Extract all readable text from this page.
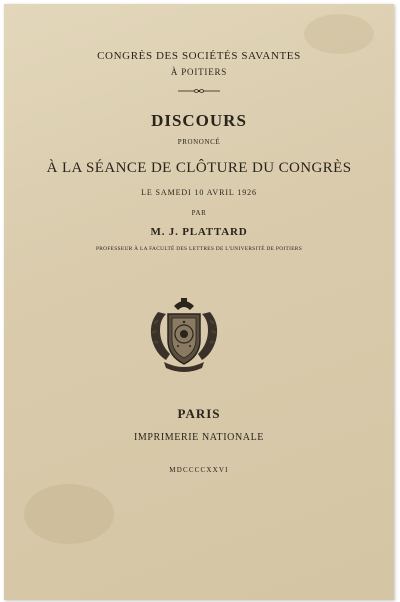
CONGRÈS DES SOCIÉTÉS SAVANTES

À POITIERS

DISCOURS

PRONONCÉ

À LA SÉANCE DE CLÔTURE DU CONGRÈS

LE SAMEDI 10 AVRIL 1926

PAR

M. J. PLATTARD

PROFESSEUR À LA FACULTÉ DES LETTRES DE L'UNIVERSITÉ DE POITIERS

PARIS

IMPRIMERIE NATIONALE

MDCCCCXXVI
